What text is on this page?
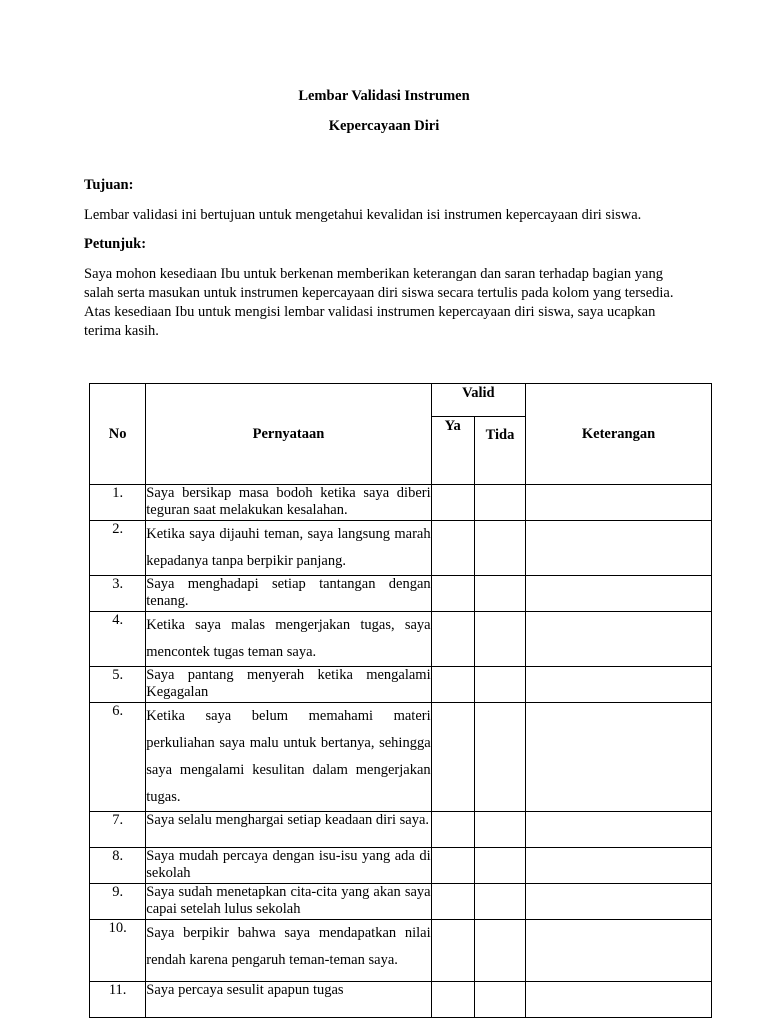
Lembar Validasi Instrumen
Kepercayaan Diri
Tujuan:
Lembar validasi ini bertujuan untuk mengetahui kevalidan isi instrumen kepercayaan diri siswa.
Petunjuk:
Saya mohon kesediaan Ibu untuk berkenan memberikan keterangan dan saran terhadap bagian yang salah serta masukan untuk instrumen kepercayaan diri siswa secara tertulis pada kolom yang tersedia. Atas kesediaan Ibu untuk mengisi lembar validasi instrumen kepercayaan diri siswa, saya ucapkan terima kasih.
No	Pernyataan	Valid		Keterangan
		Ya	Tida	
1.	Saya bersikap masa bodoh ketika saya diberi teguran saat melakukan kesalahan.			
2.	Ketika saya dijauhi teman, saya langsung marah kepadanya tanpa berpikir panjang.			
3.	Saya menghadapi setiap tantangan dengan tenang.			
4.	Ketika saya malas mengerjakan tugas, saya mencontek tugas teman saya.			
5.	Saya pantang menyerah ketika mengalami Kegagalan			
6.	Ketika saya belum memahami materi perkuliahan saya malu untuk bertanya, sehingga saya mengalami kesulitan dalam mengerjakan tugas.			
7.	Saya selalu menghargai setiap keadaan diri saya.			
8.	Saya mudah percaya dengan isu-isu yang ada di sekolah			
9.	Saya sudah menetapkan cita-cita yang akan saya capai setelah lulus sekolah			
10.	Saya berpikir bahwa saya mendapatkan nilai rendah karena pengaruh teman-teman saya.			
11.	Saya percaya sesulit apapun tugas			
